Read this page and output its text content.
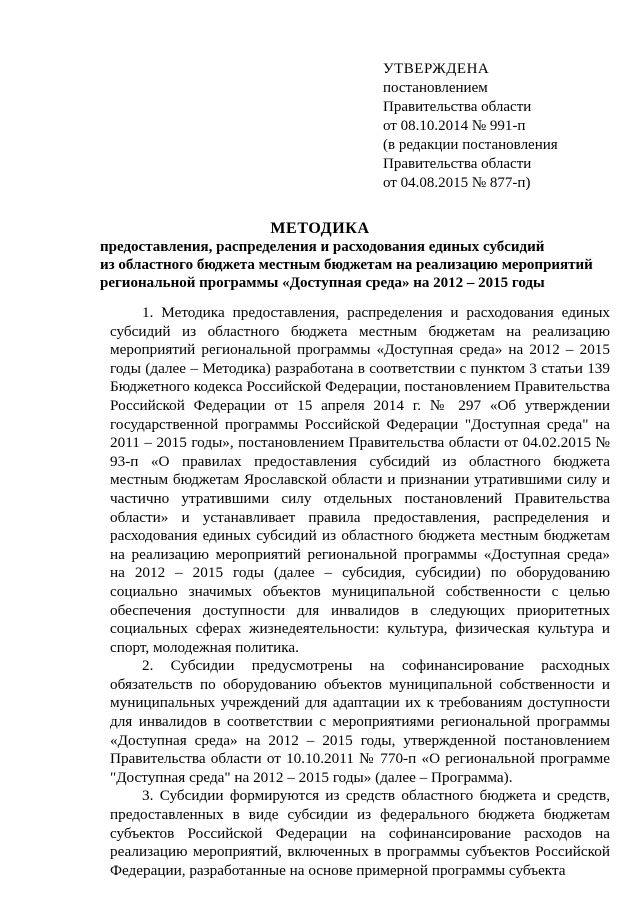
УТВЕРЖДЕНА
постановлением
Правительства области
от 08.10.2014 № 991-п
(в редакции постановления
Правительства области
от 04.08.2015 № 877-п)
МЕТОДИКА
предоставления, распределения и расходования единых субсидий
из областного бюджета местным бюджетам на реализацию мероприятий
региональной программы «Доступная среда» на 2012 – 2015 годы

1. Методика предоставления, распределения и расходования единых субсидий из областного бюджета местным бюджетам на реализацию мероприятий региональной программы «Доступная среда» на 2012 – 2015 годы (далее – Методика) разработана в соответствии с пунктом 3 статьи 139 Бюджетного кодекса Российской Федерации, постановлением Правительства Российской Федерации от 15 апреля 2014 г. № 297 «Об утверждении государственной программы Российской Федерации "Доступная среда" на 2011 – 2015 годы», постановлением Правительства области от 04.02.2015 № 93-п «О правилах предоставления субсидий из областного бюджета местным бюджетам Ярославской области и признании утратившими силу и частично утратившими силу отдельных постановлений Правительства области» и устанавливает правила предоставления, распределения и расходования единых субсидий из областного бюджета местным бюджетам на реализацию мероприятий региональной программы «Доступная среда» на 2012 – 2015 годы (далее – субсидия, субсидии) по оборудованию социально значимых объектов муниципальной собственности с целью обеспечения доступности для инвалидов в следующих приоритетных социальных сферах жизнедеятельности: культура, физическая культура и спорт, молодежная политика.

2. Субсидии предусмотрены на софинансирование расходных обязательств по оборудованию объектов муниципальной собственности и муниципальных учреждений для адаптации их к требованиям доступности для инвалидов в соответствии с мероприятиями региональной программы «Доступная среда» на 2012 – 2015 годы, утвержденной постановлением Правительства области от 10.10.2011 № 770-п «О региональной программе "Доступная среда" на 2012 – 2015 годы» (далее – Программа).

3. Субсидии формируются из средств областного бюджета и средств, предоставленных в виде субсидии из федерального бюджета бюджетам субъектов Российской Федерации на софинансирование расходов на реализацию мероприятий, включенных в программы субъектов Российской Федерации, разработанные на основе примерной программы субъекта
